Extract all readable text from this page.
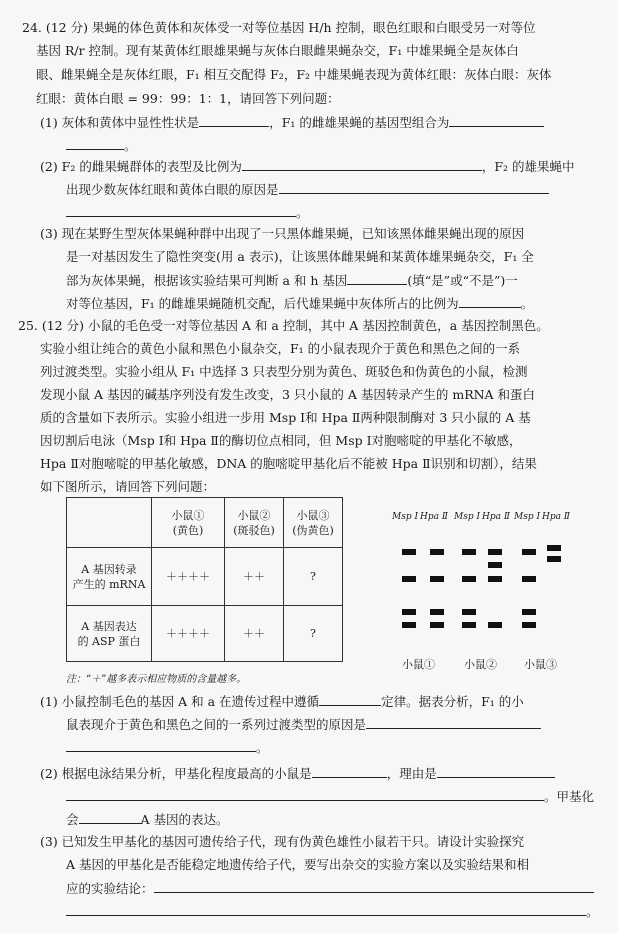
24. (12 分) 果蝇的体色黄体和灰体受一对等位基因 H/h 控制，眼色红眼和白眼受另一对等位
基因 R/r 控制。现有某黄体红眼雄果蝇与灰体白眼雌果蝇杂交，F₁ 中雄果蝇全是灰体白
眼、雌果蝇全是灰体红眼，F₁ 相互交配得 F₂，F₂ 中雄果蝇表现为黄体红眼：灰体白眼：灰体
红眼：黄体白眼 = 99：99：1：1，请回答下列问题：
(1) 灰体和黄体中显性性状是	，F₁ 的雌雄果蝇的基因型组合为
。
(2) F₂ 的雌果蝇群体的表型及比例为	，F₂ 的雄果蝇中
出现少数灰体红眼和黄体白眼的原因是
。
(3) 现在某野生型灰体果蝇种群中出现了一只黑体雌果蝇，已知该黑体雌果蝇出现的原因
是一对基因发生了隐性突变(用 a 表示)，让该黑体雌果蝇和某黄体雄果蝇杂交，F₁ 全
部为灰体果蝇，根据该实验结果可判断 a 和 h 基因	(填“是”或“不是”)一
对等位基因，F₁ 的雌雄果蝇随机交配，后代雄果蝇中灰体所占的比例为	。
25. (12 分) 小鼠的毛色受一对等位基因 A 和 a 控制，其中 A 基因控制黄色，a 基因控制黑色。
实验小组让纯合的黄色小鼠和黑色小鼠杂交，F₁ 的小鼠表现介于黄色和黑色之间的一系
列过渡类型。实验小组从 F₁ 中选择 3 只表型分别为黄色、斑驳色和伪黄色的小鼠，检测
发现小鼠 A 基因的碱基序列没有发生改变，3 只小鼠的 A 基因转录产生的 mRNA 和蛋白
质的含量如下表所示。实验小组进一步用 Msp Ⅰ和 Hpa Ⅱ两种限制酶对 3 只小鼠的 A 基
因切割后电泳（Msp Ⅰ和 Hpa Ⅱ的酶切位点相同，但 Msp Ⅰ对胞嘧啶的甲基化不敏感，
Hpa Ⅱ对胞嘧啶的甲基化敏感，DNA 的胞嘧啶甲基化后不能被 Hpa Ⅱ识别和切割），结果
如下图所示，请回答下列问题：
	小鼠①
(黄色)	小鼠②
(斑驳色)	小鼠③
(伪黄色)
A 基因转录
产生的 mRNA	＋＋＋＋	＋＋	?
A 基因表达
的 ASP 蛋白	＋＋＋＋	＋＋	?
注：“＋”越多表示相应物质的含量越多。
Msp Ⅰ Hpa Ⅱ Msp Ⅰ Hpa Ⅱ Msp Ⅰ Hpa Ⅱ
小鼠①	小鼠② 小鼠③
(1) 小鼠控制毛色的基因 A 和 a 在遗传过程中遵循	定律。据表分析，F₁ 的小
鼠表现介于黄色和黑色之间的一系列过渡类型的原因是
。
(2) 根据电泳结果分析，甲基化程度最高的小鼠是	，理由是
。甲基化
会	A 基因的表达。
(3) 已知发生甲基化的基因可遗传给子代，现有伪黄色雄性小鼠若干只。请设计实验探究
A 基因的甲基化是否能稳定地遗传给子代，要写出杂交的实验方案以及实验结果和相
应的实验结论：
。
